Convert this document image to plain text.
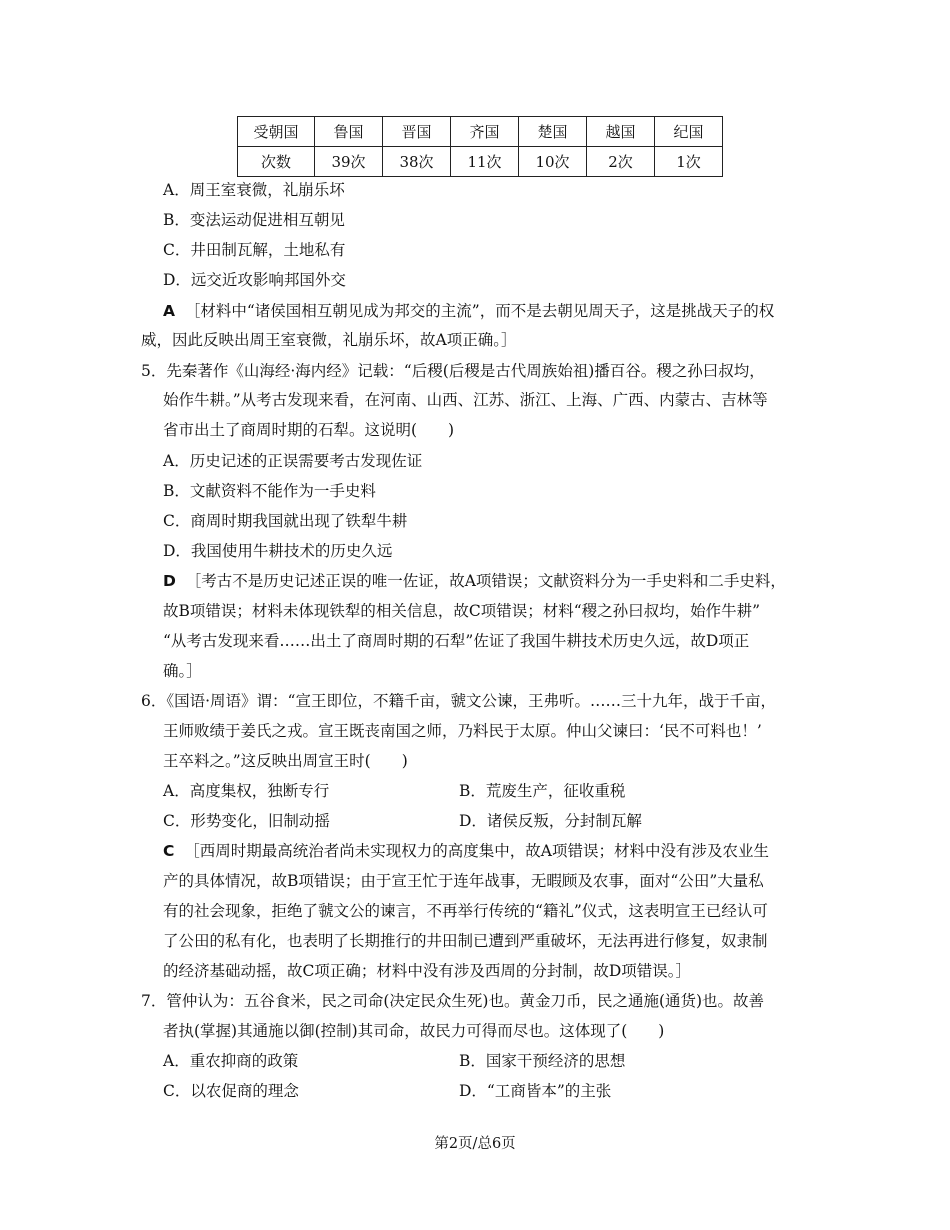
受朝国	鲁国	晋国	齐国	楚国	越国	纪国
次数	39次	38次	11次	10次	2次	1次
A．周王室衰微，礼崩乐坏
B．变法运动促进相互朝见
C．井田制瓦解，土地私有
D．远交近攻影响邦国外交
A ［材料中“诸侯国相互朝见成为邦交的主流”，而不是去朝见周天子，这是挑战天子的权
威，因此反映出周王室衰微，礼崩乐坏，故A项正确。］
5．先秦著作《山海经·海内经》记载：“后稷(后稷是古代周族始祖)播百谷。稷之孙曰叔均，
始作牛耕。”从考古发现来看，在河南、山西、江苏、浙江、上海、广西、内蒙古、吉林等
省市出土了商周时期的石犁。这说明(　　)
A．历史记述的正误需要考古发现佐证
B．文献资料不能作为一手史料
C．商周时期我国就出现了铁犁牛耕
D．我国使用牛耕技术的历史久远
D ［考古不是历史记述正误的唯一佐证，故A项错误；文献资料分为一手史料和二手史料，
故B项错误；材料未体现铁犁的相关信息，故C项错误；材料“稷之孙曰叔均，始作牛耕”
“从考古发现来看……出土了商周时期的石犁”佐证了我国牛耕技术历史久远，故D项正
确。］
6．《国语·周语》谓：“宣王即位，不籍千亩，虢文公谏，王弗听。……三十九年，战于千亩，
王师败绩于姜氏之戎。宣王既丧南国之师，乃料民于太原。仲山父谏曰：‘民不可料也！’
王卒料之。”这反映出周宣王时(　　)
A．高度集权，独断专行	B．荒废生产，征收重税
C．形势变化，旧制动摇	D．诸侯反叛，分封制瓦解
C ［西周时期最高统治者尚未实现权力的高度集中，故A项错误；材料中没有涉及农业生
产的具体情况，故B项错误；由于宣王忙于连年战事，无暇顾及农事，面对“公田”大量私
有的社会现象，拒绝了虢文公的谏言，不再举行传统的“籍礼”仪式，这表明宣王已经认可
了公田的私有化，也表明了长期推行的井田制已遭到严重破坏，无法再进行修复，奴隶制
的经济基础动摇，故C项正确；材料中没有涉及西周的分封制，故D项错误。］
7．管仲认为：五谷食米，民之司命(决定民众生死)也。黄金刀币，民之通施(通货)也。故善
者执(掌握)其通施以御(控制)其司命，故民力可得而尽也。这体现了(　　)
A．重农抑商的政策	B．国家干预经济的思想
C．以农促商的理念	D．“工商皆本”的主张
第2页/总6页
